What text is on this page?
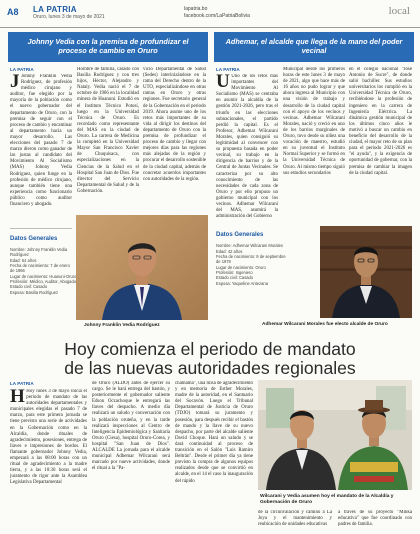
A8 LA PATRIA
Oruro, lunes 3 de mayo de 2021
lapatria.bo
facebook.com/LaPatriaBolivia	local
Johnny Vedia con la premisa de profundizar el proceso de cambio en Oruro
LA PATRIA
J Johnny Franklin Vedia Rodríguez, de profesión médico cirujano y auditor, fue elegido por la mayoría de la población como el nuevo gobernador del departamento de Oruro, con la premisa de seguir con el proceso de cambio y encaminar al departamento hacia un mayor desarrollo. Las elecciones del pasado 7 de marzo dieron como ganador de las justas al candidato del Movimiento Al Socialismo (MAS) Johnny Vedia Rodríguez, quien funge en la profesión de médico cirujano, aunque también tiene una experiencia como funcionario público como auditor financiero y abogado.
Hombre de familia, casado con Basilia Rodríguez y con tres hijos, Héctor, Alejandro y Nataly. Vedia nació el 7 de octubre de 1966 en la localidad minera de Huanuni. Estudió en el Instituto Técnico Potosí, luego en la Universidad Técnica de Oruro. Es recordado como representante del MAS en la ciudad de Oruro. La carrera de Medicina la completó en la Universidad Mayor San Francisco Xavier de Chuquisaca, con especializaciones en la Ciencias de la Salud en el Hospital San Juan de Dios. Fue director del Servicio Departamental de Salud y de la Gobernación.
vicio Departamental de Salud (Sedes) interinizándose en la rama del Derecho dentro de la UTO, especializándose en otras ramas en Oruro y otras regiones. Fue secretario general de la Gobernación en el periodo 2019. Ahora asume uno de los retos más importantes de su vida al dirigir los destinos del departamento de Oruro con la premisa de profundizar el proceso de cambio y llegar con mejores días para las regiones más alejadas de la región y procurar el desarrollo sostenible de la ciudad capital, además de concretar acuerdos importantes con autoridades de la región.
Datos Generales
Nombre: Johnny Franklin Vedia
Rodríguez
Edad: 54 años
Fecha de nacimiento: 7 de enero
de 1966
Lugar de nacimiento: Huanuni-Oruro
Profesión: Médico, Auditor, Abogado
Estado civil: Casado
Esposa: Basilia Rodríguez
Johnny Franklin Vedia Rodríguez
Adhemar, el alcalde que llega de la mano del poder vecinal
LA PATRIA
U Uno de los retos más importantes del Movimiento Al Socialismo (MAS) se centraba en asumir la alcaldía de la gestión 2021-2026, pero tras el triunfo en las elecciones subnacionales, el partido perdió la capital. Es el Profesor, Adhemar Wilcarani Morales, quien consiguió su legitimidad al convencer con su propuesta basada en poder vecinal, su trabajo en la dirigencia de barrios y de la Central de Juntas Vecinales. Se caracteriza por su alto conocimiento de las necesidades de cada zona de Oruro y por ello propuso un gobierno municipal con los vecinos. Adhemar Wilcarani del MAS, asumirá la administración del Gobierno
Municipal desde los primeros horas de este lunes 3 de mayo de 2021, algo que hace más de 16 años no pudo lograr y que ahora ingresa al Municipio con una visión de trabajo y desarrollo de la ciudad capital con el apoyo de los vecinos y vecinas. Adhemar Wilcarani Morales, nació y creció en uno de los barrios marginales de Oruro, tuvo desde su niñez una vocación de maestro, estudió en su juventud el Instituto Normal Superior y se formó en la Universidad Técnica de Oruro. Al mismo tiempo siguió sus estudios secundarios
en el colegio nacional "José Antonio de Sucre", de donde salió bachiller. Sus estudios universitarios los cumplió en la Universidad Técnica de Oruro, recibiéndose la profesión de ingeniero en la carrera de Ingeniería Eléctrica. La dinámica gestión municipal de los últimos cinco años le motivó a buscar un cambio en beneficio del desarrollo de la ciudad, el mayor reto de su plan para el periodo 2021-2026 es "el ayuda", y la exigencia de oportunidad de gobernar, con la premisa de cambiar la imagen de la ciudad capital.
Datos Generales
Nombre: Adhemar Wilcarani Morales
Edad: 42 años
Fecha de nacimiento: 9 de septiembre
de 1978
Lugar de nacimiento: Oruro
Profesión: Ingeniero
Estado civil: Casado
Esposa: Yaqueline Antezana
Adhemar Wilcarani Morales fue electo alcalde de Oruro
Hoy comienza el periodo de mandato
de las nuevas autoridades regionales
LA PATRIA
H Hoy lunes 3 de mayo inicia el periodo de mandato de las autoridades departamentales y municipales elegidas el pasado 7 de marzo, para este primera jornada se tiene previsto una serie de actividades en la Gobernación como en la Alcaldía, donde rituales de agradecimiento, posesiones, entrega de llaves e impresiones de bordos. El flamante gobernador Johnny Vedia, empezará a las 08:00 horas con un ritual de agradecimiento a la madre tierra, y a las 10:30 horas será el juramento de rigor ante la Asamblea Legislativa Departamental
de Oruro (ALDO) antes de ejercer su cargo. Se le hará entrega del bastón, y posteriormente el gobernador saliente Edson Oczachoque le entregará las llaves del despacho. A medio día realizará un saludo y conversación con la población oruteña, y en la tarde realizará inspecciones al Centro de Inteligencia Epidemiológica y Sanitaria Oruro (Ciesa), hospital Oruro-Corea, y hospital "San Juan de Dios". ALCALDE La jornada para el alcalde municipal Adhemar Wilcarani será marcado por nueve actividades, donde el ritual a la "Pa-
chamama", una misa de agradecimiento y en memoria de Esther Morales, madre de la autoridad, en el Santuario del Socavón. Luego el Tribunal Departamental de Justicia de Oruro (TDJO) tomará su juramento y posesión, para después recibir el bastón de mando y la llave de su nuevo despacho, por parte del alcalde saliente David Choque. Hará un saludo y se dará continuidad al proceso de transición en el Salón "Luis Ramiro Beltrán". Desde el primer día ya tiene previsto la compra de algunos equipos realizados desde que se convirtió en alcalde, en el 14 el caso la inauguración del rápido
Wilcarani y Vedia asumen hoy el mandato de la Alcaldía y Gobernación de Oruro
de la circunvalación y camino a La Joya y el mantenimiento y reubicación de unidades educativas
a través de su proyecto "Minka educativa" que fue coordinado con padres de familia.
